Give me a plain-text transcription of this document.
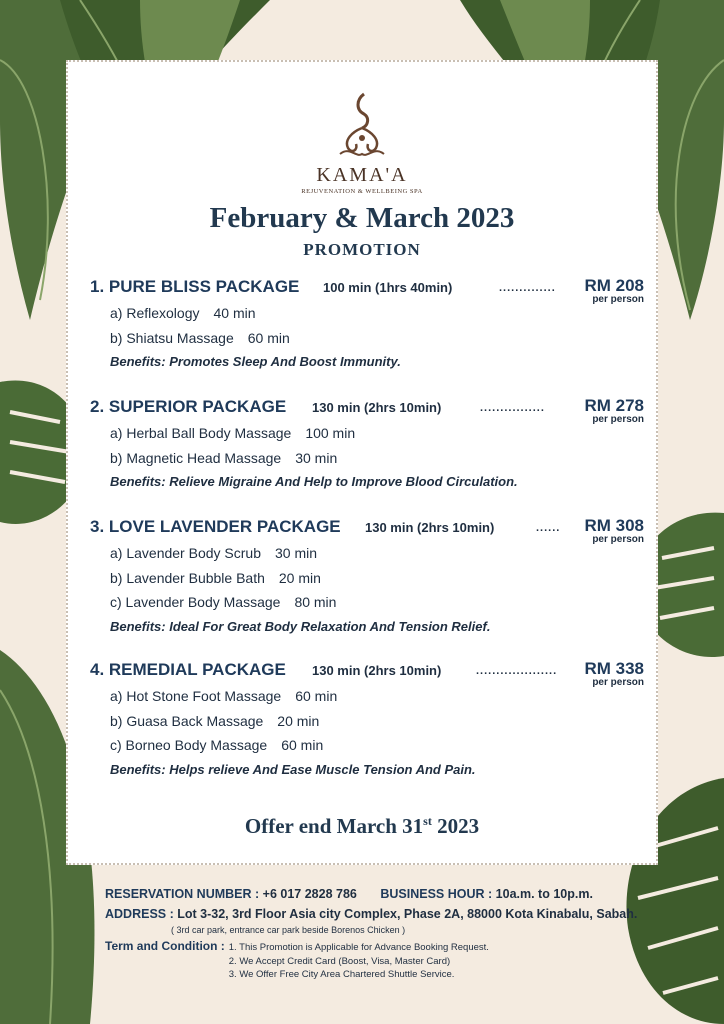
KAMA'A
REJUVENATION & WELLBEING SPA
February & March 2023
PROMOTION
1. PURE BLISS PACKAGE 100 min (1hrs 40min)	.............. RM 208
per person
a) Reflexology 40 min
b) Shiatsu Massage 60 min
Benefits: Promotes Sleep And Boost Immunity.
2. SUPERIOR PACKAGE 130 min (2hrs 10min)	................ RM 278
per person
a) Herbal Ball Body Massage 100 min
b) Magnetic Head Massage 30 min
Benefits: Relieve Migraine And Help to Improve Blood Circulation.
3. LOVE LAVENDER PACKAGE 130 min (2hrs 10min)	...... RM 308
per person
a) Lavender Body Scrub 30 min
b) Lavender Bubble Bath 20 min
c) Lavender Body Massage 80 min
Benefits: Ideal For Great Body Relaxation And Tension Relief.
4. REMEDIAL PACKAGE 130 min (2hrs 10min)	.................... RM 338
per person
a) Hot Stone Foot Massage 60 min
b) Guasa Back Massage 20 min
c) Borneo Body Massage 60 min
Benefits: Helps relieve And Ease Muscle Tension And Pain.
Offer end March 31st 2023
RESERVATION NUMBER : +6 017 2828 786 BUSINESS HOUR : 10a.m. to 10p.m.
ADDRESS : Lot 3-32, 3rd Floor Asia city Complex, Phase 2A, 88000 Kota Kinabalu, Sabah.
( 3rd car park, entrance car park beside Borenos Chicken )
Term and Condition : 1. This Promotion is Applicable for Advance Booking Request.
2. We Accept Credit Card (Boost, Visa, Master Card)
3. We Offer Free City Area Chartered Shuttle Service.
